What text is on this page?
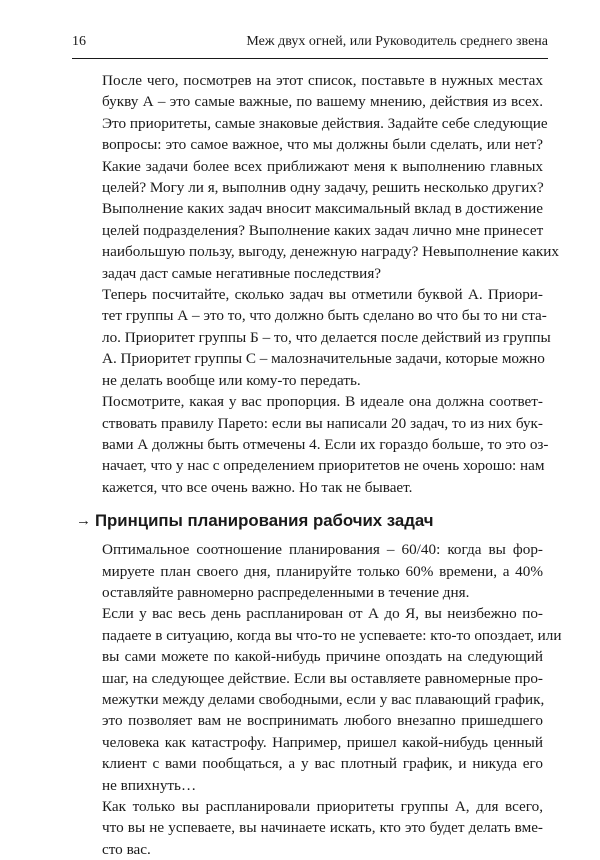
16	Меж двух огней, или Руководитель среднего звена

После чего, посмотрев на этот список, поставьте в нужных местах
букву А – это самые важные, по вашему мнению, действия из всех.
Это приоритеты, самые знаковые действия. Задайте себе следующие
вопросы: это самое важное, что мы должны были сделать, или нет?
Какие задачи более всех приближают меня к выполнению главных
целей? Могу ли я, выполнив одну задачу, решить несколько других?
Выполнение каких задач вносит максимальный вклад в достижение
целей подразделения? Выполнение каких задач лично мне принесет
наибольшую пользу, выгоду, денежную награду? Невыполнение каких
задач даст самые негативные последствия?

Теперь посчитайте, сколько задач вы отметили буквой А. Приори-
тет группы А – это то, что должно быть сделано во что бы то ни ста-
ло. Приоритет группы Б – то, что делается после действий из группы
А. Приоритет группы С – малозначительные задачи, которые можно
не делать вообще или кому-то передать.

Посмотрите, какая у вас пропорция. В идеале она должна соответ-
ствовать правилу Парето: если вы написали 20 задач, то из них бук-
вами А должны быть отмечены 4. Если их гораздо больше, то это оз-
начает, что у нас с определением приоритетов не очень хорошо: нам
кажется, что все очень важно. Но так не бывает.

→ Принципы планирования рабочих задач

Оптимальное соотношение планирования – 60/40: когда вы фор-
мируете план своего дня, планируйте только 60% времени, а 40%
оставляйте равномерно распределенными в течение дня.

Если у вас весь день распланирован от А до Я, вы неизбежно по-
падаете в ситуацию, когда вы что-то не успеваете: кто-то опоздает, или
вы сами можете по какой-нибудь причине опоздать на следующий
шаг, на следующее действие. Если вы оставляете равномерные про-
межутки между делами свободными, если у вас плавающий график,
это позволяет вам не воспринимать любого внезапно пришедшего
человека как катастрофу. Например, пришел какой-нибудь ценный
клиент с вами пообщаться, а у вас плотный график, и никуда его
не впихнуть…

Как только вы распланировали приоритеты группы А, для всего,
что вы не успеваете, вы начинаете искать, кто это будет делать вме-
сто вас.
